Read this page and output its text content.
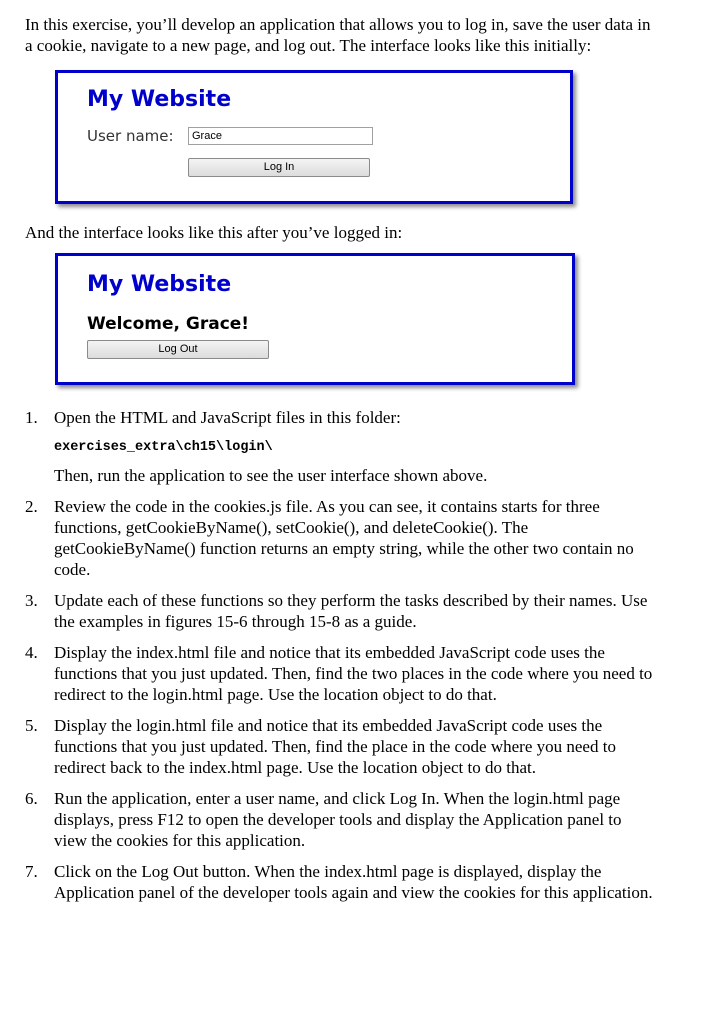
In this exercise, you’ll develop an application that allows you to log in, save the user data in a cookie, navigate to a new page, and log out. The interface looks like this initially:

My Website
User name:
Grace
Log In

And the interface looks like this after you’ve logged in:

My Website

Welcome, Grace!

Log Out
1. Open the HTML and JavaScript files in this folder:

exercises_extra\ch15\login\

Then, run the application to see the user interface shown above.

2. Review the code in the cookies.js file. As you can see, it contains starts for three functions, getCookieByName(), setCookie(), and deleteCookie(). The getCookieByName() function returns an empty string, while the other two contain no code.

3. Update each of these functions so they perform the tasks described by their names. Use the examples in figures 15-6 through 15-8 as a guide.

4. Display the index.html file and notice that its embedded JavaScript code uses the functions that you just updated. Then, find the two places in the code where you need to redirect to the login.html page. Use the location object to do that.

5. Display the login.html file and notice that its embedded JavaScript code uses the functions that you just updated. Then, find the place in the code where you need to redirect back to the index.html page. Use the location object to do that.

6. Run the application, enter a user name, and click Log In. When the login.html page displays, press F12 to open the developer tools and display the Application panel to view the cookies for this application.

7. Click on the Log Out button. When the index.html page is displayed, display the Application panel of the developer tools again and view the cookies for this application.
